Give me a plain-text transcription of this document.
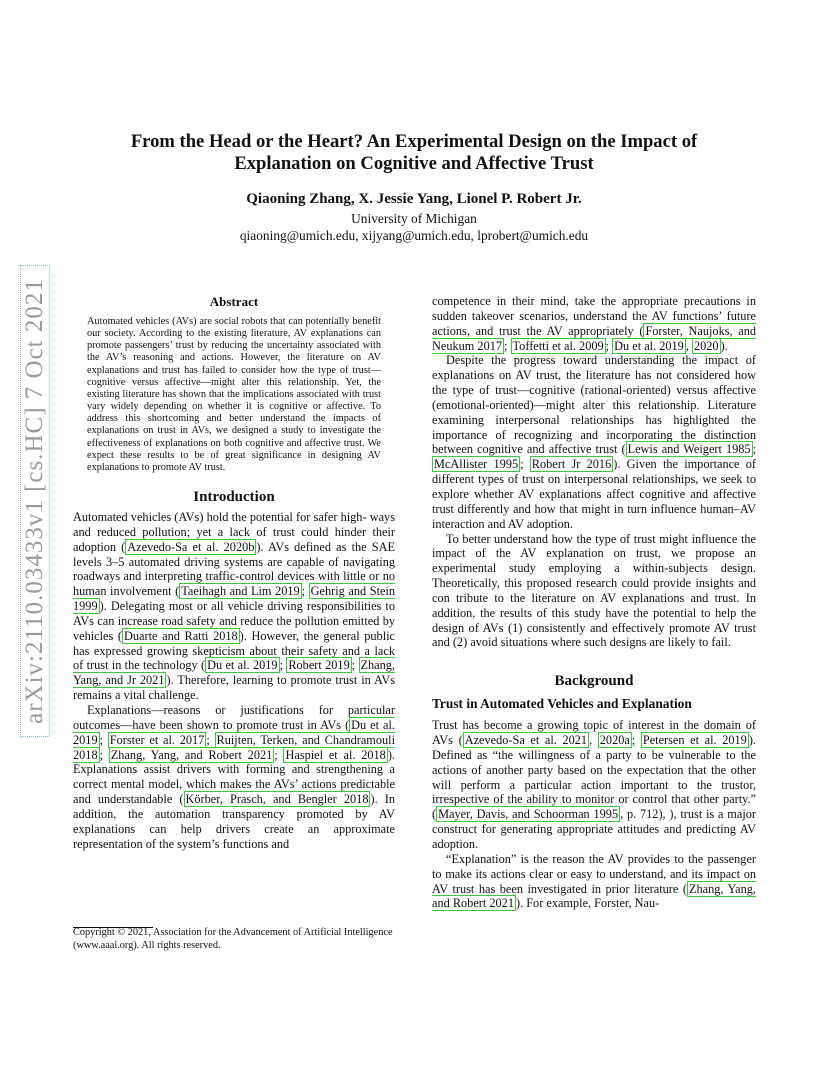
From the Head or the Heart? An Experimental Design on the Impact of
Explanation on Cognitive and Affective Trust
Qiaoning Zhang, X. Jessie Yang, Lionel P. Robert Jr.
University of Michigan
qiaoning@umich.edu, xijyang@umich.edu, lprobert@umich.edu
arXiv:2110.03433v1 [cs.HC] 7 Oct 2021	Abstract

Automated vehicles (AVs) are social robots that can potentially benefit our society. According to the existing literature, AV explanations can promote passengers’ trust by reducing the uncertainty associated with the AV’s reasoning and actions. However, the literature on AV explanations and trust has failed to consider how the type of trust—cognitive versus affective—might alter this relationship. Yet, the existing literature has shown that the implications associated with trust vary widely depending on whether it is cognitive or affective. To address this shortcoming and better understand the impacts of explanations on trust in AVs, we designed a study to investigate the effectiveness of explanations on both cognitive and affective trust. We expect these results to be of great significance in designing AV explanations to promote AV trust.

Introduction

Automated vehicles (AVs) hold the potential for safer high- ways and reduced pollution; yet a lack of trust could hinder their adoption ( Azevedo-Sa et al. 2020b ). AVs defined as the SAE levels 3–5 automated driving systems are capable of navigating roadways and interpreting traffic-control devices with little or no human involvement ( Taeihagh and Lim 2019 ; Gehrig and Stein 1999 ). Delegating most or all vehicle driving responsibilities to AVs can increase road safety and reduce the pollution emitted by vehicles ( Duarte and Ratti 2018 ). However, the general public has expressed growing skepticism about their safety and a lack of trust in the technology ( Du et al. 2019 ; Robert 2019 ; Zhang, Yang, and Jr 2021 ). Therefore, learning to promote trust in AVs remains a vital challenge.

Explanations—reasons or justifications for particular outcomes—have been shown to promote trust in AVs ( Du et al. 2019 ; Forster et al. 2017 ; Ruijten, Terken, and Chandramouli 2018 ; Zhang, Yang, and Robert 2021 ; Haspiel et al. 2018 ). Explanations assist drivers with forming and strengthening a correct mental model, which makes the AVs’ actions predictable and understandable ( Körber, Prasch, and Bengler 2018 ). In addition, the automation transparency promoted by AV explanations can help drivers create an approximate representation of the system’s functions and

Copyright © 2021, Association for the Advancement of Artificial Intelligence (www.aaai.org). All rights reserved.

competence in their mind, take the appropriate precautions in sudden takeover scenarios, understand the AV functions’ future actions, and trust the AV appropriately ( Forster, Naujoks, and Neukum 2017 ; Toffetti et al. 2009 ; Du et al. 2019 , 2020 ).

Despite the progress toward understanding the impact of explanations on AV trust, the literature has not considered how the type of trust—cognitive (rational-oriented) versus affective (emotional-oriented)—might alter this relationship. Literature examining interpersonal relationships has highlighted the importance of recognizing and incorporating the distinction between cognitive and affective trust ( Lewis and Weigert 1985 ; McAllister 1995 ; Robert Jr 2016 ). Given the importance of different types of trust on interpersonal relationships, we seek to explore whether AV explanations affect cognitive and affective trust differently and how that might in turn influence human–AV interaction and AV adoption.

To better understand how the type of trust might influence the impact of the AV explanation on trust, we propose an experimental study employing a within-subjects design. Theoretically, this proposed research could provide insights and con tribute to the literature on AV explanations and trust. In addition, the results of this study have the potential to help the design of AVs (1) consistently and effectively promote AV trust and (2) avoid situations where such designs are likely to fail.

Background
Trust in Automated Vehicles and Explanation

Trust has become a growing topic of interest in the domain of AVs ( Azevedo-Sa et al. 2021 , 2020a ; Petersen et al. 2019 ). Defined as “the willingness of a party to be vulnerable to the actions of another party based on the expectation that the other will perform a particular action important to the trustor, irrespective of the ability to monitor or control that other party.” ( Mayer, Davis, and Schoorman 1995 , p. 712), ), trust is a major construct for generating appropriate attitudes and predicting AV adoption.

“Explanation” is the reason the AV provides to the passenger to make its actions clear or easy to understand, and its impact on AV trust has been investigated in prior literature ( Zhang, Yang, and Robert 2021 ). For example, Forster, Nau-
